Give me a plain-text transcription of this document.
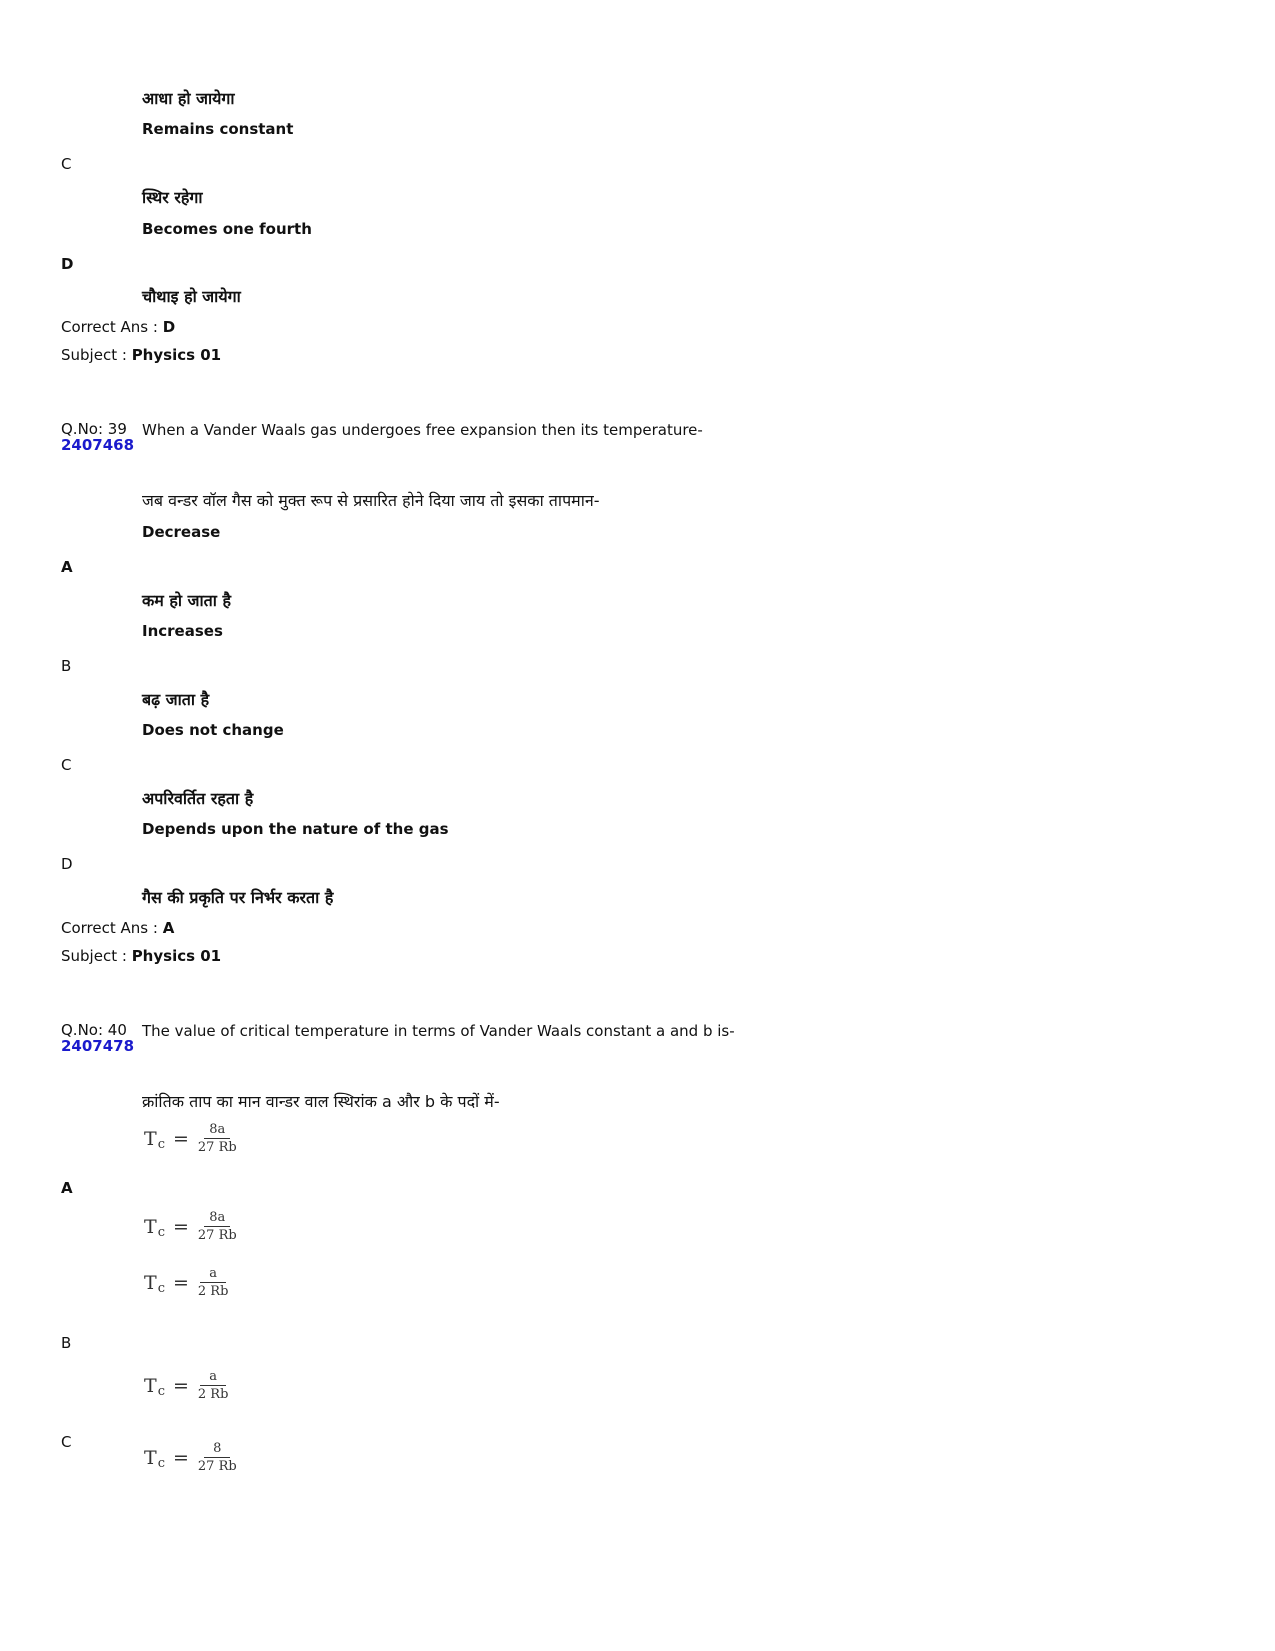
आधा हो जायेगा
Remains constant
C
स्थिर रहेगा
Becomes one fourth
D
चौथाइ हो जायेगा
Correct Ans : D
Subject : Physics 01
Q.No: 39
2407468
When a Vander Waals gas undergoes free expansion then its temperature-
जब वन्डर वॉल गैस को मुक्त रूप से प्रसारित होने दिया जाय तो इसका तापमान-
Decrease
A
कम हो जाता है
Increases
B
बढ़ जाता है
Does not change
C
अपरिवर्तित रहता है
Depends upon the nature of the gas
D
गैस की प्रकृति पर निर्भर करता है
Correct Ans : A
Subject : Physics 01
Q.No: 40
2407478
The value of critical temperature in terms of Vander Waals constant a and b is-
क्रांतिक ताप का मान वान्डर वाल स्थिरांक a और b के पदों में-
T $c = \frac{8a}{27 Rb}$
A
T $c = \frac{8a}{27 Rb}$
T $c = \frac{a}{2 Rb}$
B
T $c = \frac{a}{2 Rb}$
C
T $c = \frac{8}{27 Rb}$
